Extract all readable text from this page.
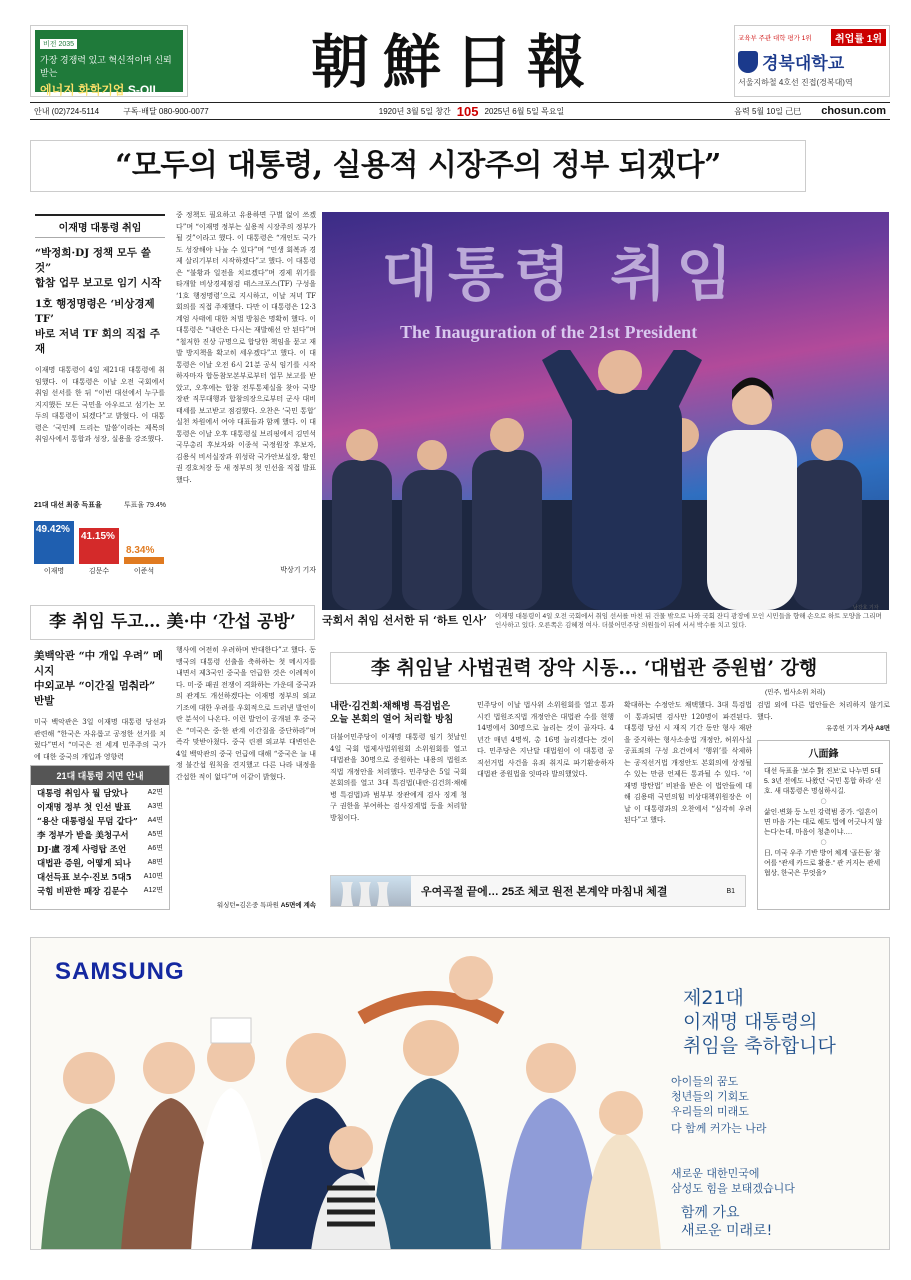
비전 2035
가장 경쟁력 있고 혁신적이며 신뢰받는
에너지 화학기업 S-OIL	朝鮮日報	교육부 주관 대학 평가 1위	취업률 1위
경북대학교
서울지하철 4호선 진접(경복대)역
안내 (02)724-5114	구독·배달 080-900-0077	1920년 3월 5일 창간 105 2025년 6월 5일 목요일	음력 5월 10일 己巳 chosun.com
“모두의 대통령, 실용적 시장주의 정부 되겠다”
이재명 대통령 취임
“박정희·DJ 정책 모두 쓸 것”
합참 업무 보고로 임기 시작
1호 행정명령은 ‘비상경제 TF’
바로 저녁 TF 회의 직접 주재

이재명 대통령이 4일 제21대 대통령에 취임했다. 이 대통령은 이날 오전 국회에서 취임 선서를 한 뒤 “이번 대선에서 누구를 지지했든 모든 국민을 아우르고 섬기는 모두의 대통령이 되겠다”고 밝혔다. 이 대통령은 ‘국민께 드리는 말씀’이라는 제목의 취임사에서 통합과 성장, 실용을 강조했다.

21대 대선 최종 득표율	투표율 79.4%
49.42%
이재명
41.15%
김문수
8.34%
이준석

중 정책도 필요하고 유용하면 구별 없이 쓰겠다”며 “이재명 정부는 실용적 시장주의 정부가 될 것”이라고 했다. 이 대통령은 “개인도 국가도 성장해야 나눌 수 있다”며 “민생 회복과 경제 살리기부터 시작하겠다”고 했다. 이 대통령은 “불황과 일전을 치르겠다”며 경제 위기를 타개할 비상경제점검 태스크포스(TF) 구성을 ‘1호 행정명령’으로 지시하고, 이날 저녁 TF 회의를 직접 주재했다. 다만 이 대통령은 12·3 계엄 사태에 대한 처벌 방침은 명확히 했다. 이 대통령은 “내란은 다시는 재발해선 안 된다”며 “철저한 진상 규명으로 합당한 책임을 묻고 재발 방지책을 확고히 세우겠다”고 했다. 이 대통령은 이날 오전 6시 21분 공식 임기를 시작하자마자 합동참모본부로부터 업무 보고를 받았고, 오후에는 합참 전투통제실을 찾아 국방장관 직무대행과 합참의장으로부터 군사 대비 태세를 보고받고 점검했다. 오찬은 ‘국민 통합’ 실천 차원에서 여야 대표들과 함께 했다. 이 대통령은 이날 오후 대통령실 브리핑에서 김민석 국무총리 후보자와 이종석 국정원장 후보자, 김용식 비서실장과 위성락 국가안보실장, 황인권 경호처장 등 새 정부의 첫 인선을 직접 발표했다.

박상기 기자
대통령 취임
The Inauguration of the 21st President
남강호 기자
국회서 취임 선서한 뒤 ‘하트 인사’ 이재명 대통령이 4일 오전 국회에서 취임 선서를 마친 뒤 건물 밖으로 나와 국회 잔디 광장에 모인 시민들을 향해 손으로 하트 모양을 그리며 인사하고 있다. 오른쪽은 김혜경 여사. 더불어민주당 의원들이 뒤에 서서 박수를 치고 있다.
李 취임 두고… 美·中 ‘간섭 공방’
美백악관 “中 개입 우려” 메시지
中외교부 “이간질 멈춰라” 반발

미국 백악관은 3일 이재명 대통령 당선과 관련해 “한국은 자유롭고 공정한 선거를 치렀다”면서 “미국은 전 세계 민주주의 국가에 대한 중국의 개입과 영향력

행사에 여전히 우려하며 반대한다”고 했다. 동맹국의 대통령 선출을 축하하는 첫 메시지를 내면서 제3국인 중국을 언급한 것은 이례적이다. 미·중 패권 전쟁이 격화하는 가운데 중국과의 관계도 개선하겠다는 이재명 정부의 외교 기조에 대한 우려를 우회적으로 드러낸 발언이란 분석이 나온다. 이런 발언이 공개된 후 중국은 “미국은 중·한 관계 이간질을 중단하라”며 즉각 맞받아쳤다. 중국 린젠 외교부 대변인은 4일 백악관의 중국 언급에 대해 “중국은 늘 내정 불간섭 원칙을 견지했고 다른 나라 내정을 간섭한 적이 없다”며 이같이 밝혔다.

워싱턴=김은중 특파원 A5면에 계속
21대 대통령 지면 안내
대통령 취임사 뭘 담았나	A2면
이재명 정부 첫 인선 발표 A3면
“용산 대통령실 무덤 같다” A4면
李 정부가 받을 美청구서	A5면
DJ·盧 경제 사령탑 조언	A6면
대법관 증원, 어떻게 되나 A8면
대선득표 보수·진보 5대5 A10면
국힘 비판한 패장 김문수 A12면
李 취임날 사법권력 장악 시동… ‘대법관 증원법’ 강행
(민주, 법사소위 처리)
내란·김건희·채해병 특검법은
오늘 본회의 열어 처리할 방침

더불어민주당이 이재명 대통령 임기 첫날인 4일 국회 법제사법위원회 소위원회를 열고 대법관을 30명으로 증원하는 내용의 법원조직법 개정안을 처리했다. 민주당은 5일 국회 본회의를 열고 3대 특검법(내란·김건희·채해병 특검법)과 범부부 장관에게 검사 징계 청구 권한을 부여하는 검사징계법 등을 처리할 방침이다.

민주당이 이날 법사위 소위원회를 열고 통과시킨 법원조직법 개정안은 대법관 수를 현행 14명에서 30명으로 늘리는 것이 골자다. 4년간 매년 4명씩, 총 16명 늘리겠다는 것이다. 민주당은 지난달 대법원이 이 대통령 공직선거법 사건을 유죄 취지로 파기환송하자 대법관 증원법을 잇따라 발의했었다.

확대하는 수정안도 채택했다. 3대 특검법이 통과되면 검사만 120명이 파견된다. 대통령 당선 시 재직 기간 동안 형사 재판을 중지하는 형사소송법 개정안, 허위사실공표죄의 구성 요건에서 ‘행위’를 삭제하는 공직선거법 개정안도 본회의에 상정될 수 있는 만큼 언제든 통과될 수 있다. ‘이재명 방탄법’ 비판을 받은 이 법안들에 대해 김용태 국민의힘 비상대책위원장은 이날 이 대통령과의 오찬에서 “심각히 우려된다”고 했다.

검법 외에 다른 법안들은 처리하지 않기로 했다.

유종헌 기자 기사 A8면
우여곡절 끝에… 25조 체코 원전 본계약 마침내 체결	B1
八面鋒

대선 득표율 ‘보수 對 진보’로 나누면 5대5. 3년 전에도 나왔던 ‘국민 통합 하라’ 신호. 새 대통령은 명심하시길.

○

삶인·변화 등 노인 강력범 증가. ‘일흔이면 마음 가는 대로 해도 법에 어긋나지 않는다’는데, 마음이 청춘이냐….

○

日, 미국 우주 기반 방어 체계 ‘골든돔’ 참여를 “관세 카드로 활용.” 관 커지는 관세 협상, 한국은 무엇을?

SAMSUNG
제21대
이재명 대통령의
취임을 축하합니다
아이들의 꿈도
청년들의 기회도
우리들의 미래도
다 함께 커가는 나라
새로운 대한민국에
삼성도 힘을 보태겠습니다
함께 가요
새로운 미래로!
